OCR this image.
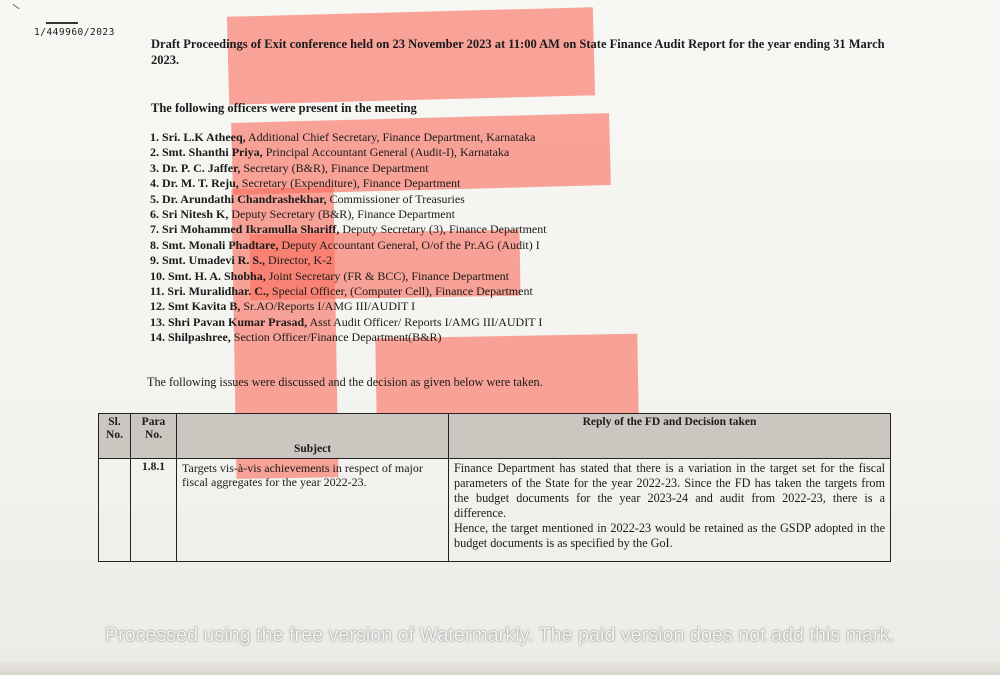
1/449960/2023

Draft Proceedings of Exit conference held on 23 November 2023 at 11:00 AM on State Finance Audit Report for the year ending 31 March 2023.

The following officers were present in the meeting

1. Sri. L.K Atheeq, Additional Chief Secretary, Finance Department, Karnataka
2. Smt. Shanthi Priya, Principal Accountant General (Audit-I), Karnataka
3. Dr. P. C. Jaffer, Secretary (B&R), Finance Department
4. Dr. M. T. Reju, Secretary (Expenditure), Finance Department
5. Dr. Arundathi Chandrashekhar, Commissioner of Treasuries
6. Sri Nitesh K, Deputy Secretary (B&R), Finance Department
7. Sri Mohammed Ikramulla Shariff, Deputy Secretary (3), Finance Department
8. Smt. Monali Phadtare, Deputy Accountant General, O/of the Pr.AG (Audit) I
9. Smt. Umadevi R. S., Director, K-2
10. Smt. H. A. Shobha, Joint Secretary (FR & BCC), Finance Department
11. Sri. Muralidhar. C., Special Officer, (Computer Cell), Finance Department
12. Smt Kavita B, Sr.AO/Reports I/AMG III/AUDIT I
13. Shri Pavan Kumar Prasad, Asst Audit Officer/ Reports I/AMG III/AUDIT I
14. Shilpashree, Section Officer/Finance Department(B&R)

The following issues were discussed and the decision as given below were taken.

Sl. No.	Para No.	Subject	Reply of the FD and Decision taken
	1.8.1	Targets vis-à-vis achievements in respect of major fiscal aggregates for the year 2022-23.	Finance Department has stated that there is a variation in the target set for the fiscal parameters of the State for the year 2022-23. Since the FD has taken the targets from the budget documents for the year 2023-24 and audit from 2022-23, there is a difference.

Hence, the target mentioned in 2022-23 would be retained as the GSDP adopted in the budget documents is as specified by the GoI.

Processed using the free version of Watermarkly. The paid version does not add this mark.
